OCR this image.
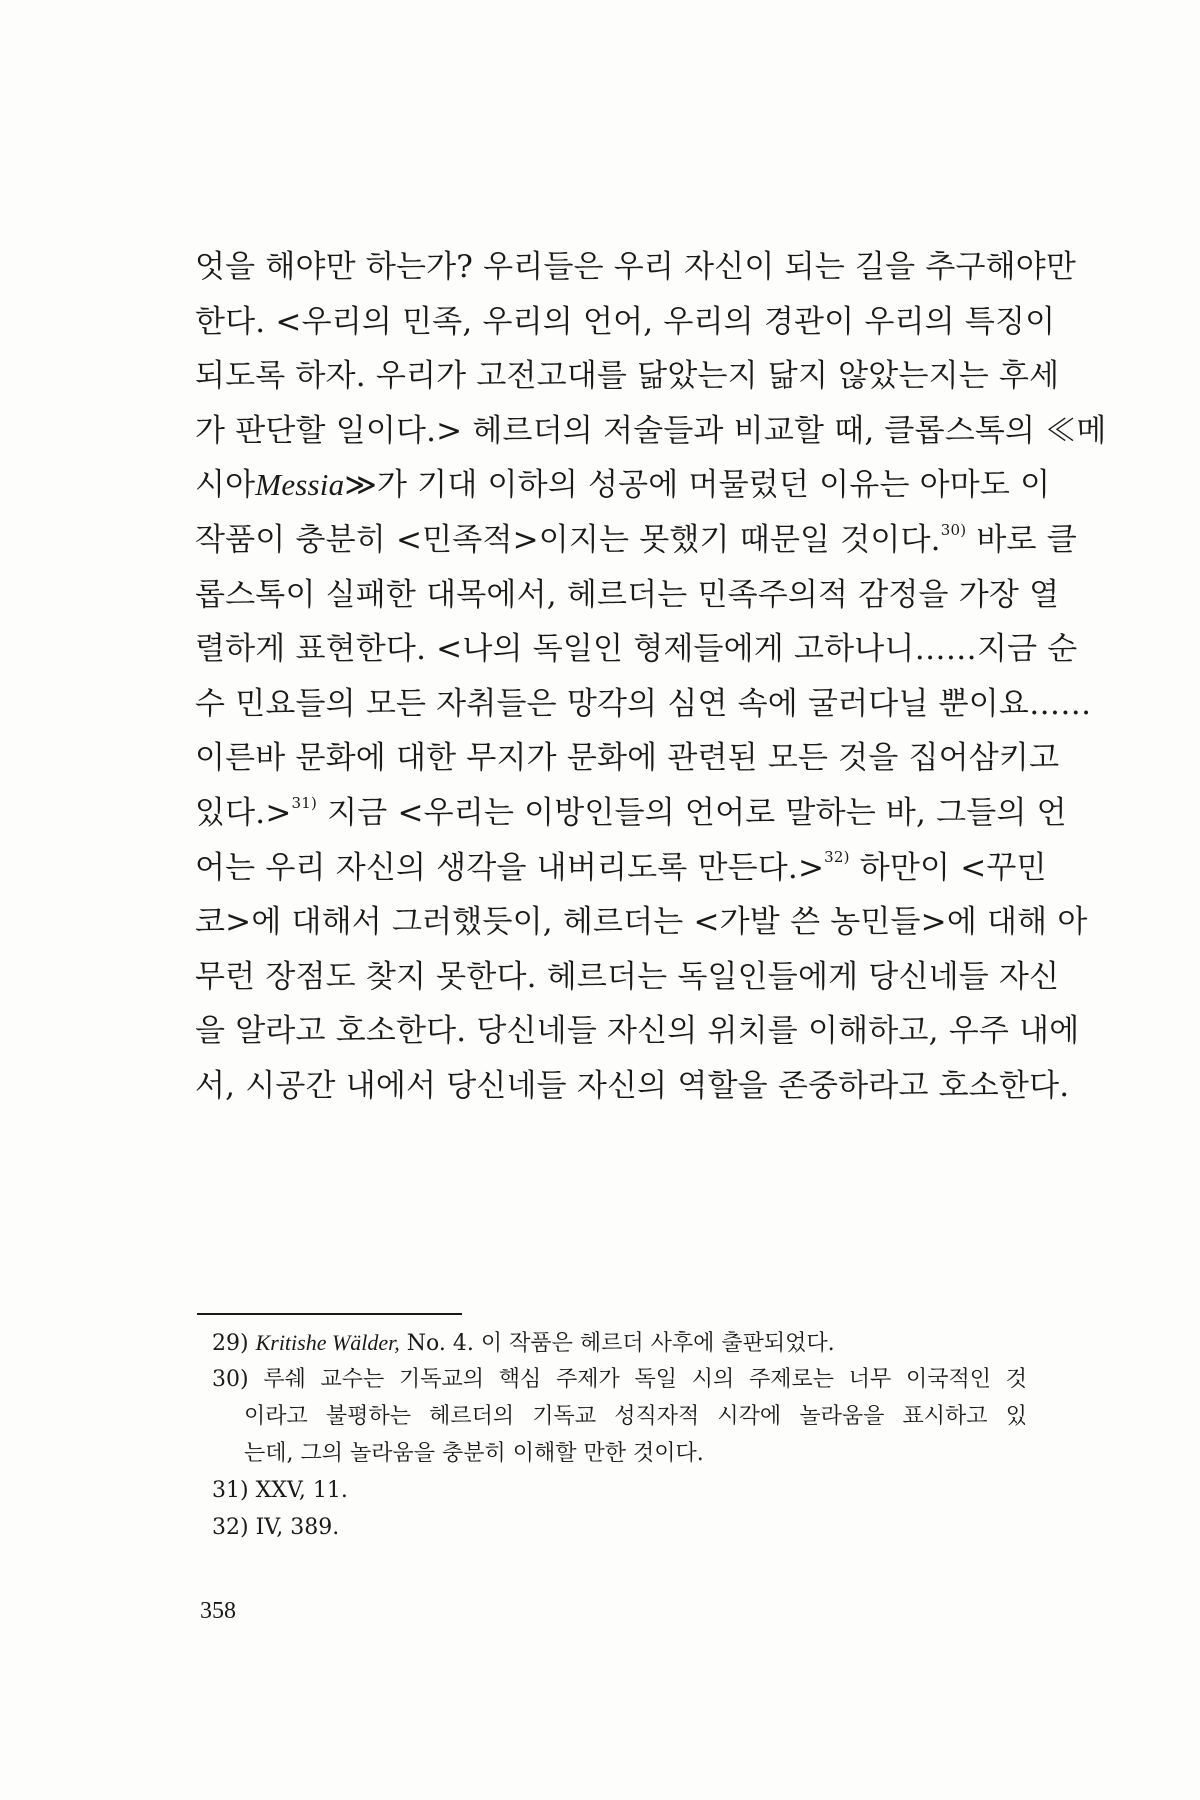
엇을 해야만 하는가? 우리들은 우리 자신이 되는 길을 추구해야만
한다. <우리의 민족, 우리의 언어, 우리의 경관이 우리의 특징이
되도록 하자. 우리가 고전고대를 닮았는지 닮지 않았는지는 후세
가 판단할 일이다.> 헤르더의 저술들과 비교할 때, 클롭스톡의 ≪메
시아Messia≫가 기대 이하의 성공에 머물렀던 이유는 아마도 이
작품이 충분히 <민족적>이지는 못했기 때문일 것이다.$^{30)}$ 바로 클
롭스톡이 실패한 대목에서, 헤르더는 민족주의적 감정을 가장 열
렬하게 표현한다. <나의 독일인 형제들에게 고하나니……지금 순
수 민요들의 모든 자취들은 망각의 심연 속에 굴러다닐 뿐이요……
이른바 문화에 대한 무지가 문화에 관련된 모든 것을 집어삼키고
있다.>$^{31)}$ 지금 <우리는 이방인들의 언어로 말하는 바, 그들의 언
어는 우리 자신의 생각을 내버리도록 만든다.>$^{32)}$ 하만이 <꾸민
코>에 대해서 그러했듯이, 헤르더는 <가발 쓴 농민들>에 대해 아
무런 장점도 찾지 못한다. 헤르더는 독일인들에게 당신네들 자신
을 알라고 호소한다. 당신네들 자신의 위치를 이해하고, 우주 내에
서, 시공간 내에서 당신네들 자신의 역할을 존중하라고 호소한다.
29) Kritishe Wälder, No. 4. 이 작품은 헤르더 사후에 출판되었다.
30) 루쉐 교수는 기독교의 핵심 주제가 독일 시의 주제로는 너무 이국적인 것
이라고 불평하는 헤르더의 기독교 성직자적 시각에 놀라움을 표시하고 있
는데, 그의 놀라움을 충분히 이해할 만한 것이다.
31) XXV, 11.
32) IV, 389.
358
